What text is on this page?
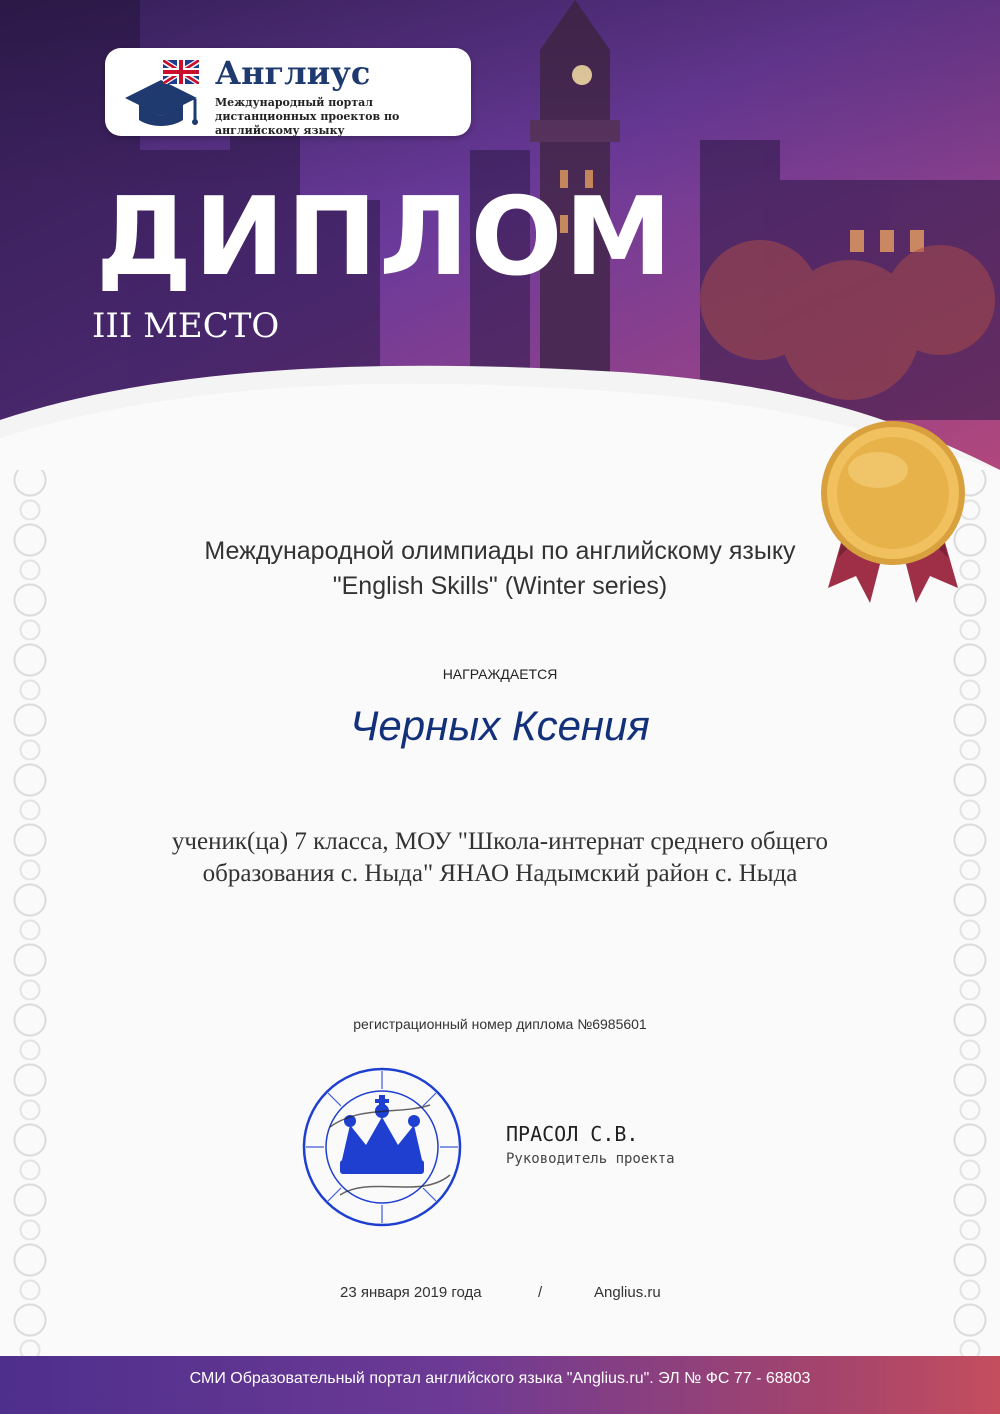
Англиус
Международный портал дистанционных проектов по английскому языку
ДИПЛОМ
III МЕСТО
Международной олимпиады по английскому языку
"English Skills" (Winter series)
НАГРАЖДАЕТСЯ
Черных Ксения
ученик(ца) 7 класса, МОУ "Школа-интернат среднего общего
образования с. Ныда" ЯНАО Надымский район с. Ныда
регистрационный номер диплома №6985601
ПРАСОЛ С.В.
Руководитель проекта
23 января 2019 года	/	Anglius.ru
СМИ Образовательный портал английского языка "Anglius.ru". ЭЛ № ФС 77 - 68803
